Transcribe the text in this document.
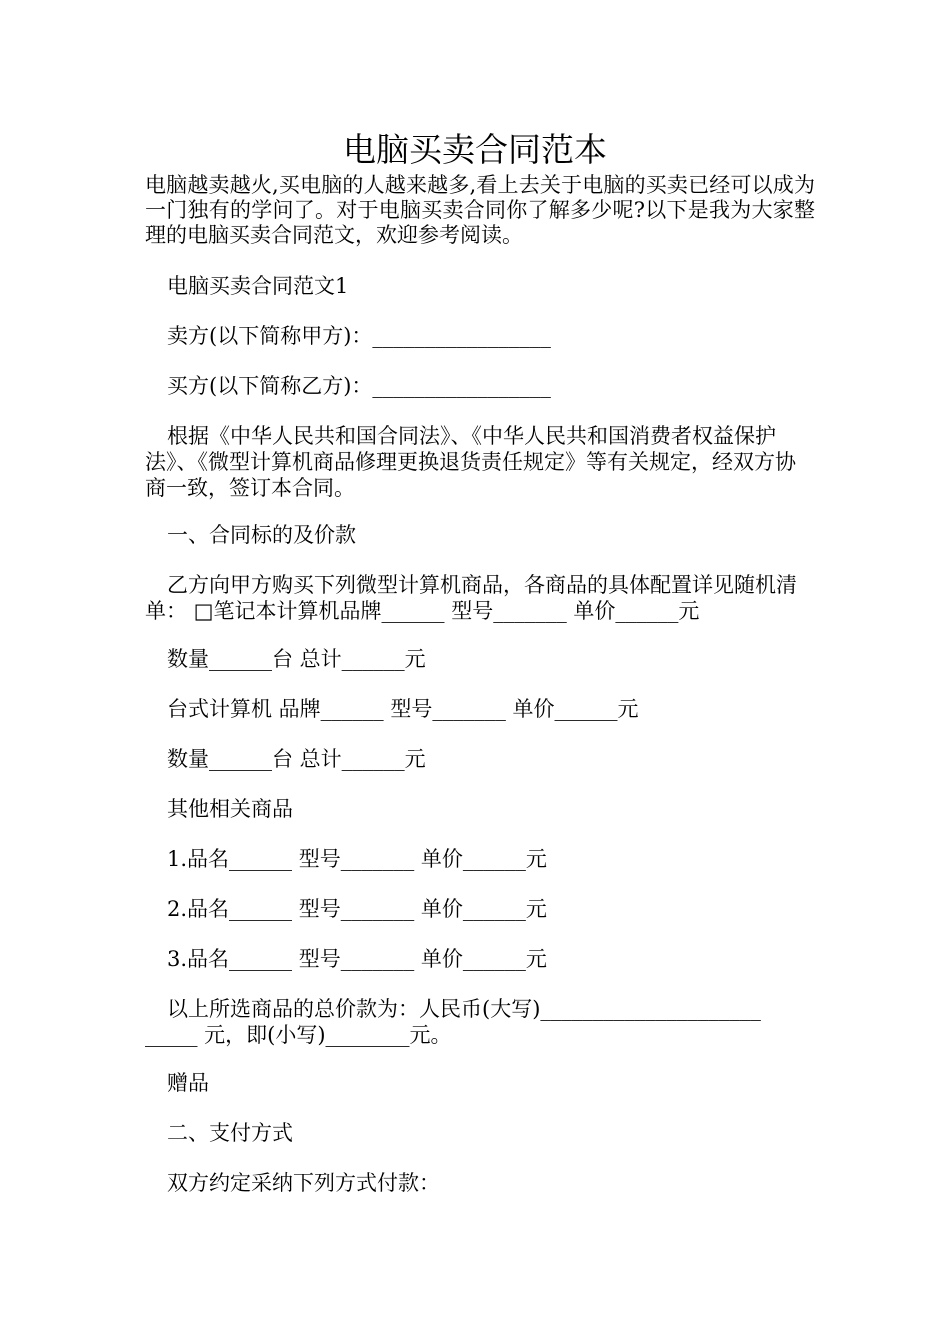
电脑买卖合同范本

电脑越卖越火,买电脑的人越来越多,看上去关于电脑的买卖已经可以成为一门独有的学问了。对于电脑买卖合同你了解多少呢?以下是我为大家整理的电脑买卖合同范文，欢迎参考阅读。

电脑买卖合同范文1

卖方(以下简称甲方)：_________________

买方(以下简称乙方)：_________________

根据《中华人民共和国合同法》、《中华人民共和国消费者权益保护法》、《微型计算机商品修理更换退货责任规定》等有关规定，经双方协商一致，签订本合同。

一、合同标的及价款

乙方向甲方购买下列微型计算机商品，各商品的具体配置详见随机清单： □笔记本计算机品牌______ 型号_______ 单价______元

数量______台 总计______元

台式计算机 品牌______ 型号_______ 单价______元

数量______台 总计______元

其他相关商品

1.品名______ 型号_______ 单价______元

2.品名______ 型号_______ 单价______元

3.品名______ 型号_______ 单价______元

以上所选商品的总价款为：人民币(大写)_____________________ _____ 元，即(小写)________元。

赠品

二、支付方式

双方约定采纳下列方式付款：
